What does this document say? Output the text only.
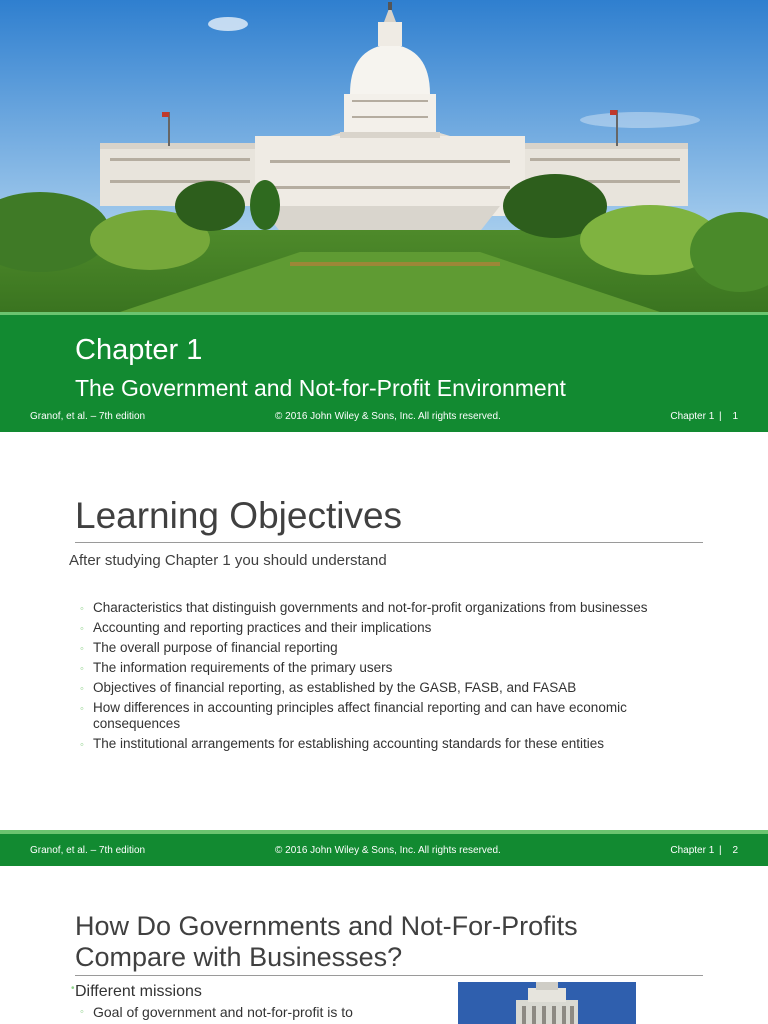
Chapter 1
The Government and Not-for-Profit Environment
Granof, et al. – 7th edition	© 2016 John Wiley & Sons, Inc. All rights reserved.	Chapter 1 | 1
Learning Objectives

After studying Chapter 1 you should understand

◦ Characteristics that distinguish governments and not-for-profit organizations from businesses
◦ Accounting and reporting practices and their implications
◦ The overall purpose of financial reporting
◦ The information requirements of the primary users
◦ Objectives of financial reporting, as established by the GASB, FASB, and FASAB
◦ How differences in accounting principles affect financial reporting and can have economic consequences
◦ The institutional arrangements for establishing accounting standards for these entities
Granof, et al. – 7th edition	© 2016 John Wiley & Sons, Inc. All rights reserved.	Chapter 1 | 2
How Do Governments and Not-For-Profits
Compare with Businesses?

• Different missions

◦ Goal of government and not-for-profit is to
